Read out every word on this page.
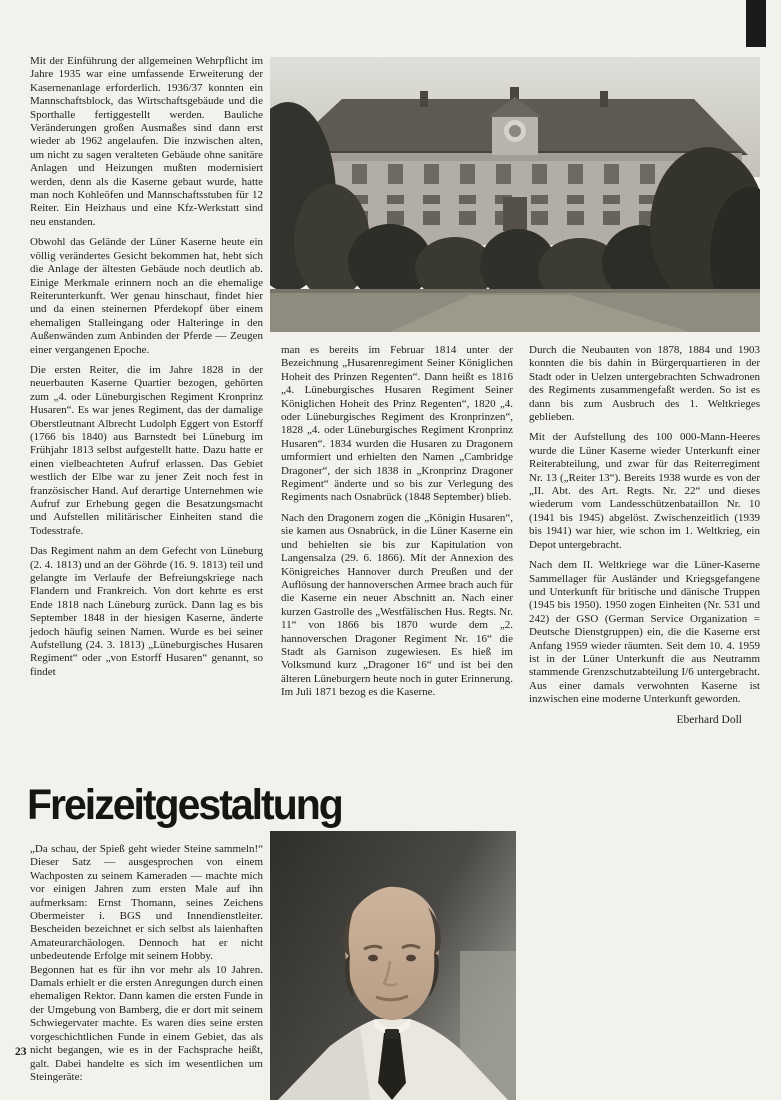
Mit der Einführung der allgemeinen Wehrpflicht im Jahre 1935 war eine umfassende Erweiterung der Kasernenanlage erforderlich. 1936/37 konnten ein Mannschaftsblock, das Wirtschaftsgebäude und die Sporthalle fertiggestellt werden. Bauliche Veränderungen großen Ausmaßes sind dann erst wieder ab 1962 angelaufen. Die inzwischen alten, um nicht zu sagen veralteten Gebäude ohne sanitäre Anlagen und Heizungen mußten modernisiert werden, denn als die Kaserne gebaut wurde, hatte man noch Kohleöfen und Mannschaftsstuben für 12 Reiter. Ein Heizhaus und eine Kfz-Werkstatt sind neu enstanden.

Obwohl das Gelände der Lüner Kaserne heute ein völlig verändertes Gesicht bekommen hat, hebt sich die Anlage der ältesten Gebäude noch deutlich ab. Einige Merkmale erinnern noch an die ehemalige Reiterunterkunft. Wer genau hinschaut, findet hier und da einen steinernen Pferdekopf über einem ehemaligen Stalleingang oder Halteringe in den Außenwänden zum Anbinden der Pferde — Zeugen einer vergangenen Epoche.

Die ersten Reiter, die im Jahre 1828 in der neuerbauten Kaserne Quartier bezogen, gehörten zum „4. oder Lüneburgischen Regiment Kronprinz Husaren“. Es war jenes Regiment, das der damalige Oberstleutnant Albrecht Ludolph Eggert von Estorff (1766 bis 1840) aus Barnstedt bei Lüneburg im Frühjahr 1813 selbst aufgestellt hatte. Dazu hatte er einen vielbeachteten Aufruf erlassen. Das Gebiet westlich der Elbe war zu jener Zeit noch fest in französischer Hand. Auf derartige Unternehmen wie Aufruf zur Erhebung gegen die Besatzungsmacht und Aufstellen militärischer Einheiten stand die Todesstrafe.

Das Regiment nahm an dem Gefecht von Lüneburg (2. 4. 1813) und an der Göhrde (16. 9. 1813) teil und gelangte im Verlaufe der Befreiungskriege nach Flandern und Frankreich. Von dort kehrte es erst Ende 1818 nach Lüneburg zurück. Dann lag es bis September 1848 in der hiesigen Kaserne, änderte jedoch häufig seinen Namen. Wurde es bei seiner Aufstellung (24. 3. 1813) „Lüneburgisches Husaren Regiment“ oder „von Estorff Husaren“ genannt, so findet

man es bereits im Februar 1814 unter der Bezeichnung „Husarenregiment Seiner Königlichen Hoheit des Prinzen Regenten“. Dann heißt es 1816 „4. Lüneburgisches Husaren Regiment Seiner Königlichen Hoheit des Prinz Regenten“, 1820 „4. oder Lüneburgisches Regiment des Kronprinzen“, 1828 „4. oder Lüneburgisches Regiment Kronprinz Husaren“. 1834 wurden die Husaren zu Dragonern umformiert und erhielten den Namen „Cambridge Dragoner“, der sich 1838 in „Kronprinz Dragoner Regiment“ änderte und so bis zur Verlegung des Regiments nach Osnabrück (1848 September) blieb.

Nach den Dragonern zogen die „Königin Husaren“, sie kamen aus Osnabrück, in die Lüner Kaserne ein und behielten sie bis zur Kapitulation von Langensalza (29. 6. 1866). Mit der Annexion des Königreiches Hannover durch Preußen und der Auflösung der hannoverschen Armee brach auch für die Kaserne ein neuer Abschnitt an. Nach einer kurzen Gastrolle des „Westfälischen Hus. Regts. Nr. 11“ von 1866 bis 1870 wurde dem „2. hannoverschen Dragoner Regiment Nr. 16“ die Stadt als Garnison zugewiesen. Es hieß im Volksmund kurz „Dragoner 16“ und ist bei den älteren Lüneburgern heute noch in guter Erinnerung. Im Juli 1871 bezog es die Kaserne.

Durch die Neubauten von 1878, 1884 und 1903 konnten die bis dahin in Bürgerquartieren in der Stadt oder in Uelzen untergebrachten Schwadronen des Regiments zusammengefaßt werden. So ist es dann bis zum Ausbruch des 1. Weltkrieges geblieben.

Mit der Aufstellung des 100 000-Mann-Heeres wurde die Lüner Kaserne wieder Unterkunft einer Reiterabteilung, und zwar für das Reiterregiment Nr. 13 („Reiter 13“). Bereits 1938 wurde es von der „II. Abt. des Art. Regts. Nr. 22“ und dieses wiederum vom Landesschützenbataillon Nr. 10 (1941 bis 1945) abgelöst. Zwischenzeitlich (1939 bis 1941) war hier, wie schon im 1. Weltkrieg, ein Depot untergebracht.

Nach dem II. Weltkriege war die Lüner-Kaserne Sammellager für Ausländer und Kriegsgefangene und Unterkunft für britische und dänische Truppen (1945 bis 1950). 1950 zogen Einheiten (Nr. 531 und 242) der GSO (German Service Organization = Deutsche Dienstgruppen) ein, die die Kaserne erst Anfang 1959 wieder räumten. Seit dem 10. 4. 1959 ist in der Lüner Unterkunft die aus Neutramm stammende Grenzschutzabteilung I/6 untergebracht. Aus einer damals verwohnten Kaserne ist inzwischen eine moderne Unterkunft geworden.

Eberhard Doll

Freizeitgestaltung

„Da schau, der Spieß geht wieder Steine sammeln!“ Dieser Satz — ausgesprochen von einem Wachposten zu seinem Kameraden — machte mich vor einigen Jahren zum ersten Male auf ihn aufmerksam: Ernst Thomann, seines Zeichens Obermeister i. BGS und Innendienstleiter. Bescheiden bezeichnet er sich selbst als laienhaften Amateurarchäologen. Dennoch hat er nicht unbedeutende Erfolge mit seinem Hobby.

Begonnen hat es für ihn vor mehr als 10 Jahren. Damals erhielt er die ersten Anregungen durch einen ehemaligen Rektor. Dann kamen die ersten Funde in der Umgebung von Bamberg, die er dort mit seinem Schwiegervater machte. Es waren dies seine ersten vorgeschichtlichen Funde in einem Gebiet, das als nicht begangen, wie es in der Fachsprache heißt, galt. Dabei handelte es sich im wesentlichen um Steingeräte:

23
